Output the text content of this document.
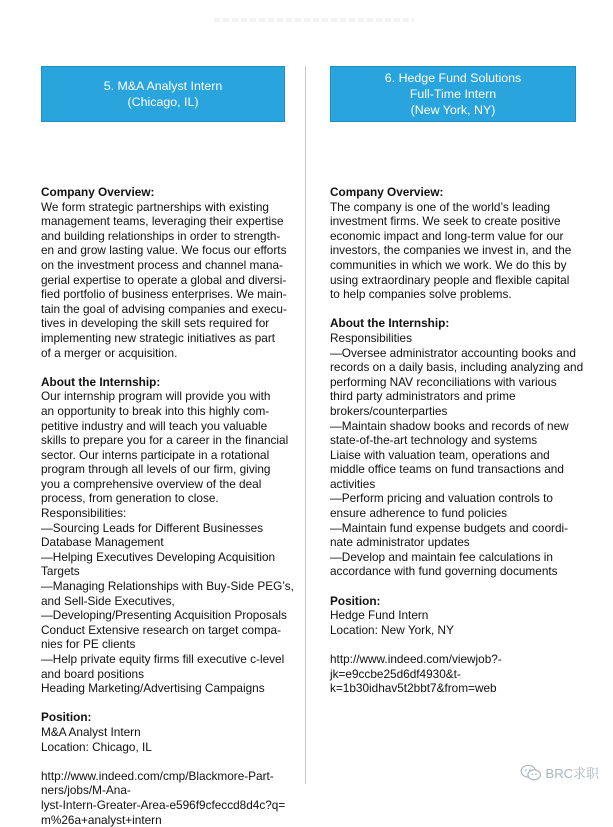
5. M&A Analyst Intern
(Chicago, IL)
Company Overview:
We form strategic partnerships with existing
management teams, leveraging their expertise
and building relationships in order to strength-
en and grow lasting value. We focus our efforts
on the investment process and channel mana-
gerial expertise to operate a global and diversi-
fied portfolio of business enterprises. We main-
tain the goal of advising companies and execu-
tives in developing the skill sets required for
implementing new strategic initiatives as part
of a merger or acquisition.
About the Internship:
Our internship program will provide you with
an opportunity to break into this highly com-
petitive industry and will teach you valuable
skills to prepare you for a career in the financial
sector. Our interns participate in a rotational
program through all levels of our firm, giving
you a comprehensive overview of the deal
process, from generation to close.
Responsibilities:
—Sourcing Leads for Different Businesses
Database Management
—Helping Executives Developing Acquisition
Targets
—Managing Relationships with Buy-Side PEG’s,
and Sell-Side Executives,
—Developing/Presenting Acquisition Proposals
Conduct Extensive research on target compa-
nies for PE clients
—Help private equity firms fill executive c-level
and board positions
Heading Marketing/Advertising Campaigns
Position:
M&A Analyst Intern
Location: Chicago, IL
http://www.indeed.com/cmp/Blackmore-Part-
ners/jobs/M-Ana-
lyst-Intern-Greater-Area-e596f9cfeccd8d4c?q=
m%26a+analyst+intern
6. Hedge Fund Solutions
Full-Time Intern
(New York, NY)
Company Overview:
The company is one of the world’s leading
investment firms. We seek to create positive
economic impact and long-term value for our
investors, the companies we invest in, and the
communities in which we work. We do this by
using extraordinary people and flexible capital
to help companies solve problems.
About the Internship:
Responsibilities
—Oversee administrator accounting books and
records on a daily basis, including analyzing and
performing NAV reconciliations with various
third party administrators and prime
brokers/counterparties
—Maintain shadow books and records of new
state-of-the-art technology and systems
Liaise with valuation team, operations and
middle office teams on fund transactions and
activities
—Perform pricing and valuation controls to
ensure adherence to fund policies
—Maintain fund expense budgets and coordi-
nate administrator updates
—Develop and maintain fee calculations in
accordance with fund governing documents
Position:
Hedge Fund Intern
Location: New York, NY
http://www.indeed.com/viewjob?-
jk=e9ccbe25d6df4930&t-
k=1b30idhav5t2bbt7&from=web
BRC求职
